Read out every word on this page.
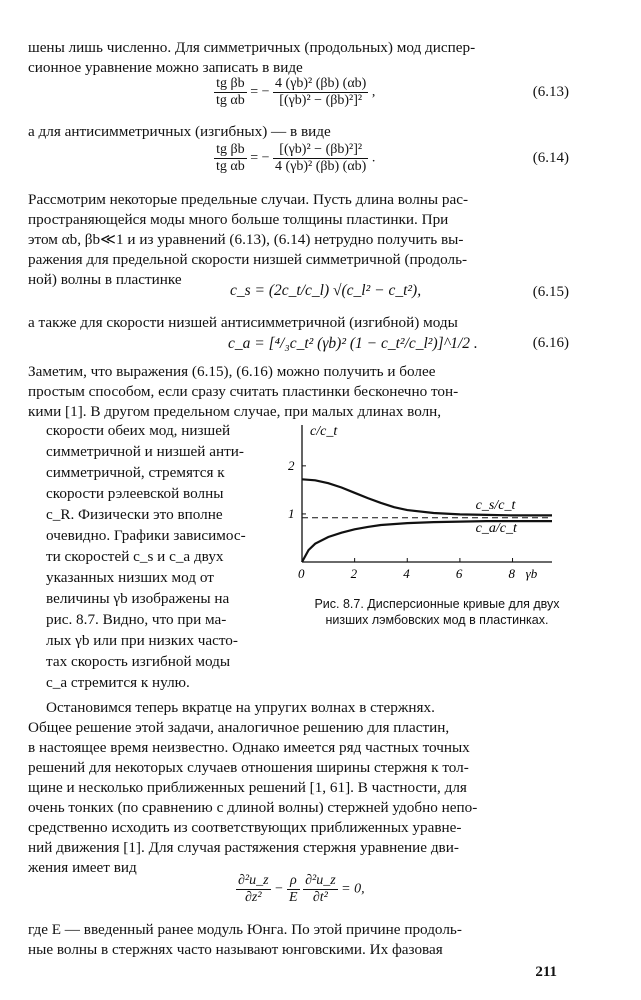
шены лишь численно. Для симметричных (продольных) мод диспер-
сионное уравнение можно записать в виде
$\frac{\text{tg βb}}{\text{tg αb}}$ = − $\frac{\text{4 (γb)² (βb) (αb)}}{\text{[(γb)² − (βb)²]²}}$ ,	(6.13)
а для антисимметричных (изгибных) — в виде
$\frac{\text{tg βb}}{\text{tg αb}}$ = − $\frac{\text{[(γb)² − (βb)²]²}}{\text{4 (γb)² (βb) (αb)}}$ .	(6.14)
Рассмотрим некоторые предельные случаи. Пусть длина волны рас-
пространяющейся моды много больше толщины пластинки. При
этом αb, βb≪1 и из уравнений (6.13), (6.14) нетрудно получить вы-
ражения для предельной скорости низшей симметричной (продоль-
ной) волны в пластинке
c_s = (2c_t/c_l) √(c_l² − c_t²),	(6.15)
а также для скорости низшей антисимметричной (изгибной) моды
c_a = [⁴/₃c_t² (γb)² (1 − c_t²/c_l²)]^1/2 .	(6.16)
Заметим, что выражения (6.15), (6.16) можно получить и более
простым способом, если сразу считать пластинки бесконечно тон-
кими [1]. В другом предельном случае, при малых длинах волн,
скорости обеих мод, низшей
симметричной и низшей анти-
симметричной, стремятся к
скорости рэлеевской волны
c_R. Физически это вполне
очевидно. Графики зависимос-
ти скоростей c_s и c_a двух
указанных низших мод от
величины γb изображены на
рис. 8.7. Видно, что при ма-
лых γb или при низких часто-
тах скорость изгибной моды
c_a стремится к нулю.
0	2	4	6	8
1
2
c/c_t
γb
c_s/c_t
c_a/c_t
Рис. 8.7. Дисперсионные кривые для двух низших лэмбовских мод в пластинках.
Остановимся теперь вкратце на упругих волнах в стержнях.
Общее решение этой задачи, аналогичное решению для пластин,
в настоящее время неизвестно. Однако имеется ряд частных точных
решений для некоторых случаев отношения ширины стержня к тол-
щине и несколько приближенных решений [1, 61]. В частности, для
очень тонких (по сравнению с длиной волны) стержней удобно непо-
средственно исходить из соответствующих приближенных уравне-
ний движения [1]. Для случая растяжения стержня уравнение дви-
жения имеет вид
$\frac{\text{∂²u\_z}}{\text{∂z²}} - \frac{\rho}{E}$
$\frac{\text{∂²u\_z}}{\text{∂t²}} = 0$,
где E — введенный ранее модуль Юнга. По этой причине продоль-
ные волны в стержнях часто называют юнговскими. Их фазовая
211
